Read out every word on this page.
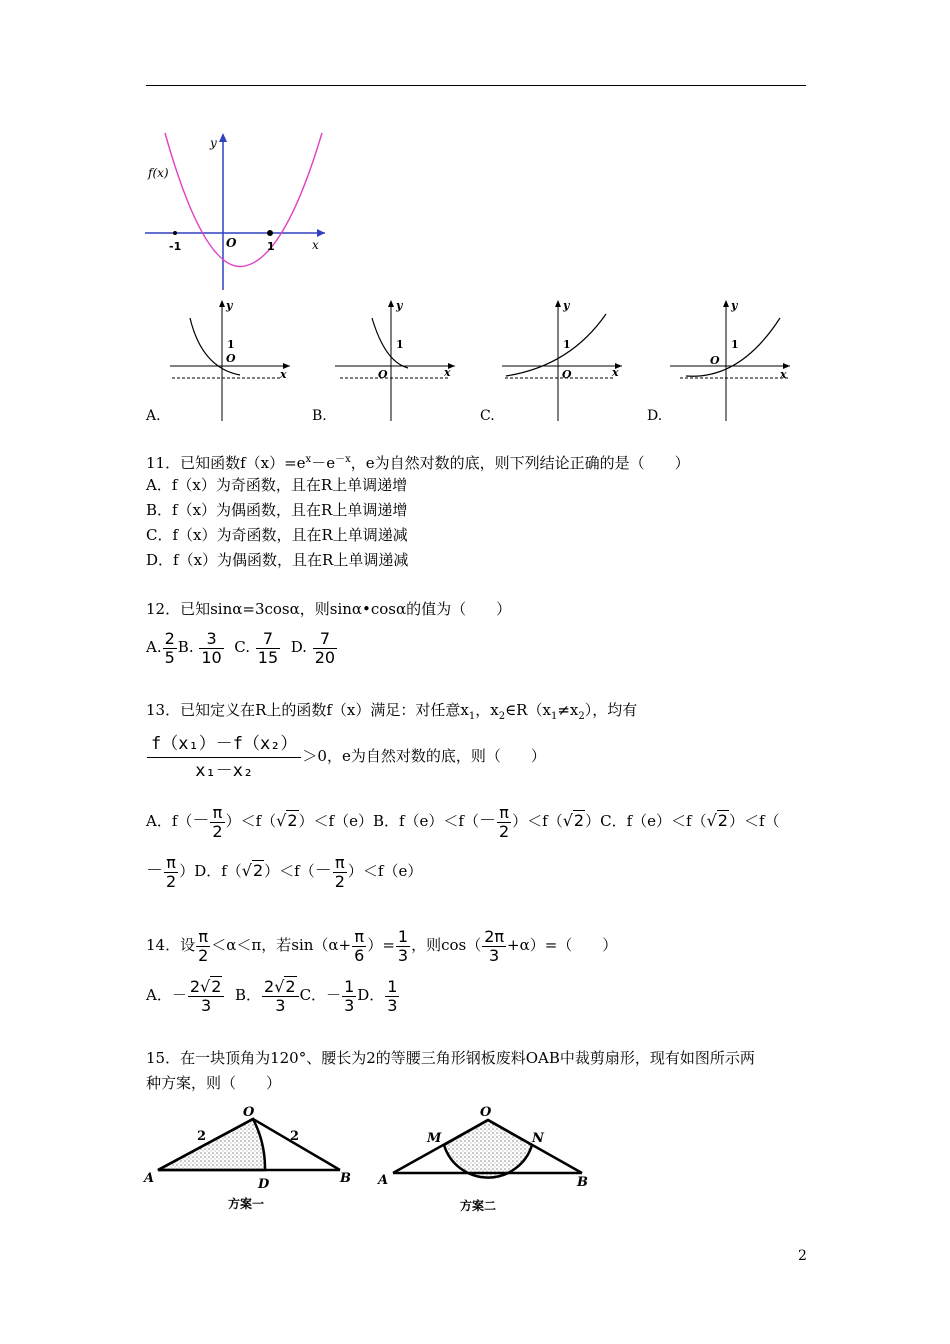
f(x)
y
x
O
-1	1
y
x
1
O
y
x
1
O
y
x
1
O
y
x
1
O
A.	B.	C.	D.
11．已知函数$f(x)=e^x-e^{-x}$，e为自然对数的底，则下列结论正确的是（　　）
A．f（x）为奇函数，且在R上单调递增
B．f（x）为偶函数，且在R上单调递增
C．f（x）为奇函数，且在R上单调递减
D．f（x）为偶函数，且在R上单调递减
12．已知sinα=3cosα，则sinα•cosα的值为（　　）
A. $\frac{2}{5} B$. $\frac{3}{10} C$. $\frac{7}{15} D$. $\frac{7}{20}$
13．已知定义在R上的函数f（x）满足：对任意$x_1$，$x_2\in R(x_1\ne x_2)$，均有
$\frac{\text{f（x₁）－f（x₂）}}{\text{x₁－x₂}} >0$，e为自然对数的底，则（　　）
A．$f(- \frac{\pi}{2} )<f(√2)<f(e)B$．$f(e)<f(- \frac{\pi}{2} )<f(√2)C$．f（e）＜f（√2）＜f（
－ $\frac{\pi}{2} )D$．$f(√2)<f(- \frac{\pi}{2} )<f(e)$
14．设 $\frac{\pi}{2} <\alpha<\pi$，若$\sin(\alpha+ \frac{\pi}{6}$ ）= $\frac{1}{3}$ ，则$\cos( \frac{2\pi}{3} +\alpha)=$（　　）
A．－ $\frac{2√2}{3}$ B． $\frac{2√2}{3}$ C．－ $\frac{1}{3}$ D． $\frac{1}{3}$
15．在一块顶角为120°、腰长为2的等腰三角形钢板废料OAB中裁剪扇形，现有如图所示两
种方案，则（　　）
O
A	B
D
2	2
方案一
O
A	B
M	N
方案二
2
